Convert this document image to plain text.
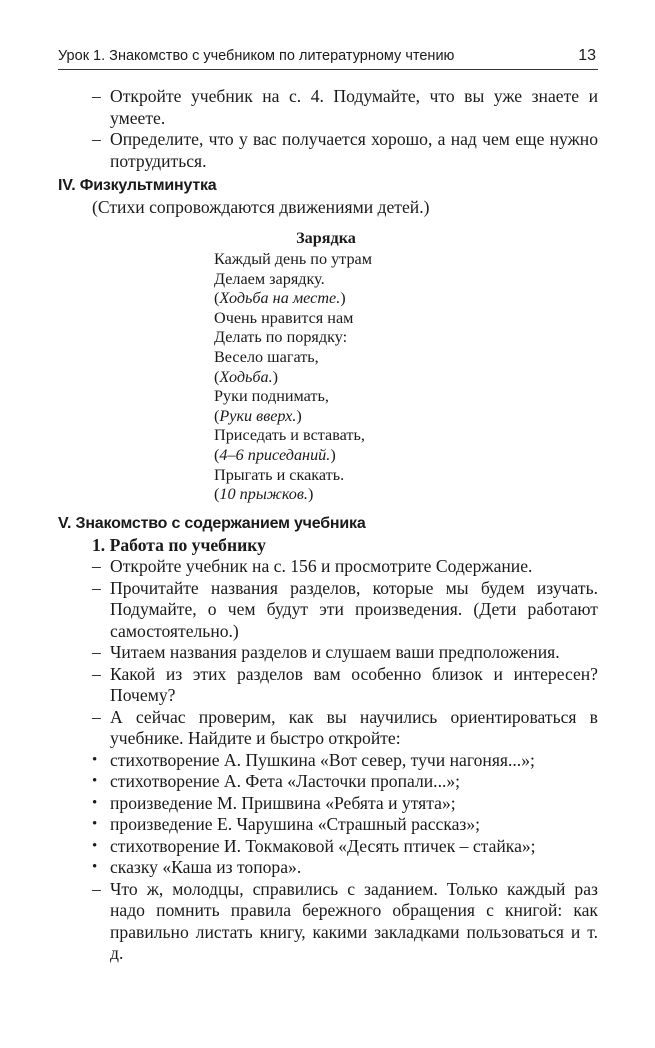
Урок 1. Знакомство с учебником по литературному чтению	13
– Откройте учебник на с. 4. Подумайте, что вы уже знаете и умеете.
– Определите, что у вас получается хорошо, а над чем еще нужно потрудиться.
IV. Физкультминутка
(Стихи сопровождаются движениями детей.)
Зарядка
Каждый день по утрам
Делаем зарядку.
(Ходьба на месте.)
Очень нравится нам
Делать по порядку:
Весело шагать,
(Ходьба.)
Руки поднимать,
(Руки вверх.)
Приседать и вставать,
(4–6 приседаний.)
Прыгать и скакать.
(10 прыжков.)
V. Знакомство с содержанием учебника
1. Работа по учебнику
– Откройте учебник на с. 156 и просмотрите Содержание.
– Прочитайте названия разделов, которые мы будем изучать. Подумайте, о чем будут эти произведения. (Дети работают самостоятельно.)
– Читаем названия разделов и слушаем ваши предположения.
– Какой из этих разделов вам особенно близок и интересен? Почему?
– А сейчас проверим, как вы научились ориентироваться в учебнике. Найдите и быстро откройте:
• стихотворение А. Пушкина «Вот север, тучи нагоняя...»;
• стихотворение А. Фета «Ласточки пропали...»;
• произведение М. Пришвина «Ребята и утята»;
• произведение Е. Чарушина «Страшный рассказ»;
• стихотворение И. Токмаковой «Десять птичек – стайка»;
• сказку «Каша из топора».
– Что ж, молодцы, справились с заданием. Только каждый раз надо помнить правила бережного обращения с книгой: как правильно листать книгу, какими закладками пользоваться и т. д.
